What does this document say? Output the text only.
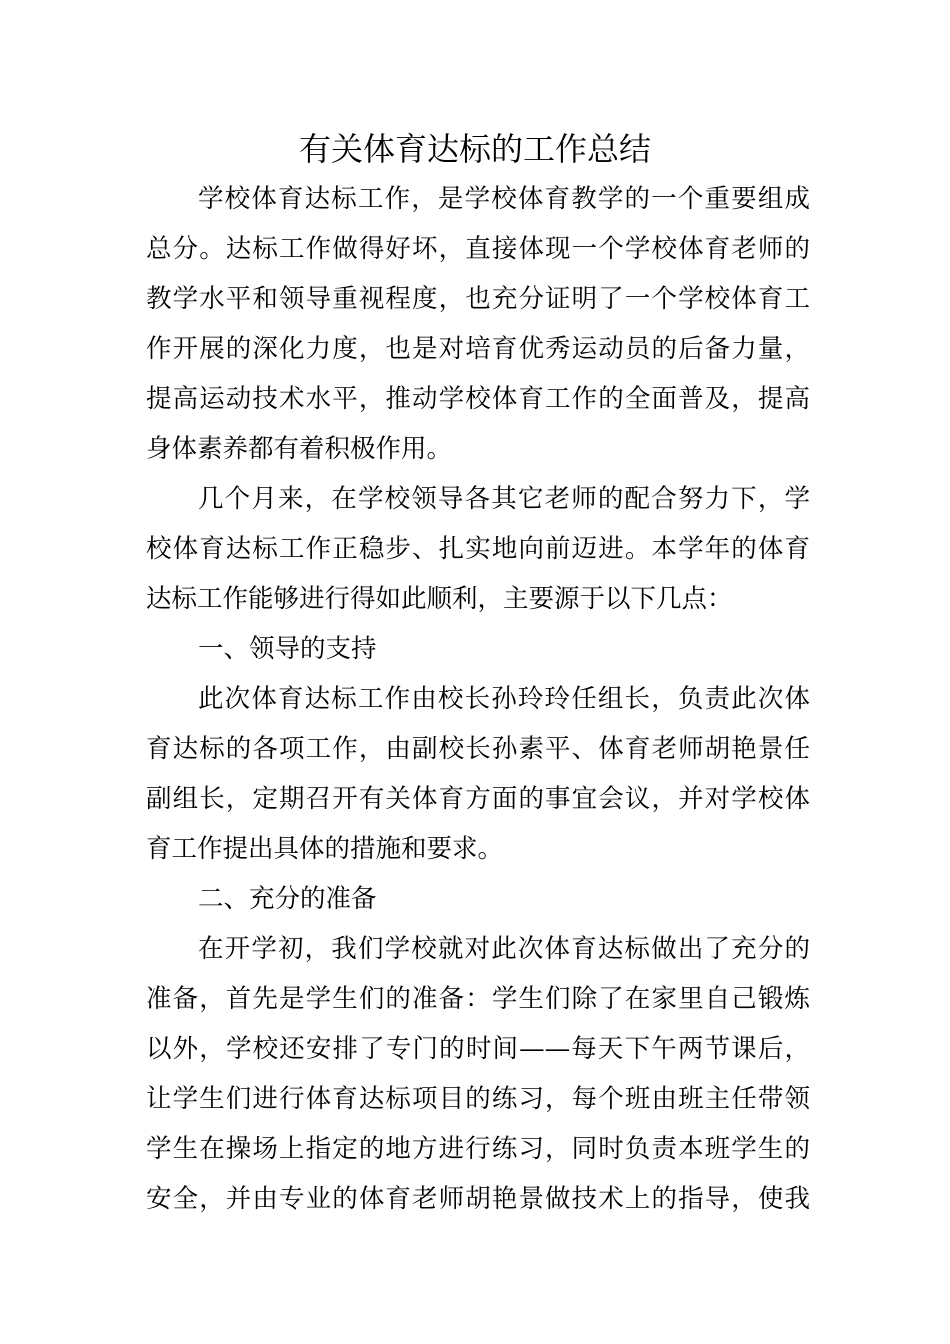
有关体育达标的工作总结
学校体育达标工作，是学校体育教学的一个重要组成
总分。达标工作做得好坏，直接体现一个学校体育老师的
教学水平和领导重视程度，也充分证明了一个学校体育工
作开展的深化力度，也是对培育优秀运动员的后备力量，
提高运动技术水平，推动学校体育工作的全面普及，提高
身体素养都有着积极作用。
几个月来，在学校领导各其它老师的配合努力下，学
校体育达标工作正稳步、扎实地向前迈进。本学年的体育
达标工作能够进行得如此顺利，主要源于以下几点：
一、领导的支持
此次体育达标工作由校长孙玲玲任组长，负责此次体
育达标的各项工作，由副校长孙素平、体育老师胡艳景任
副组长，定期召开有关体育方面的事宜会议，并对学校体
育工作提出具体的措施和要求。
二、充分的准备
在开学初，我们学校就对此次体育达标做出了充分的
准备，首先是学生们的准备：学生们除了在家里自己锻炼
以外，学校还安排了专门的时间——每天下午两节课后，
让学生们进行体育达标项目的练习，每个班由班主任带领
学生在操场上指定的地方进行练习，同时负责本班学生的
安全，并由专业的体育老师胡艳景做技术上的指导，使我
